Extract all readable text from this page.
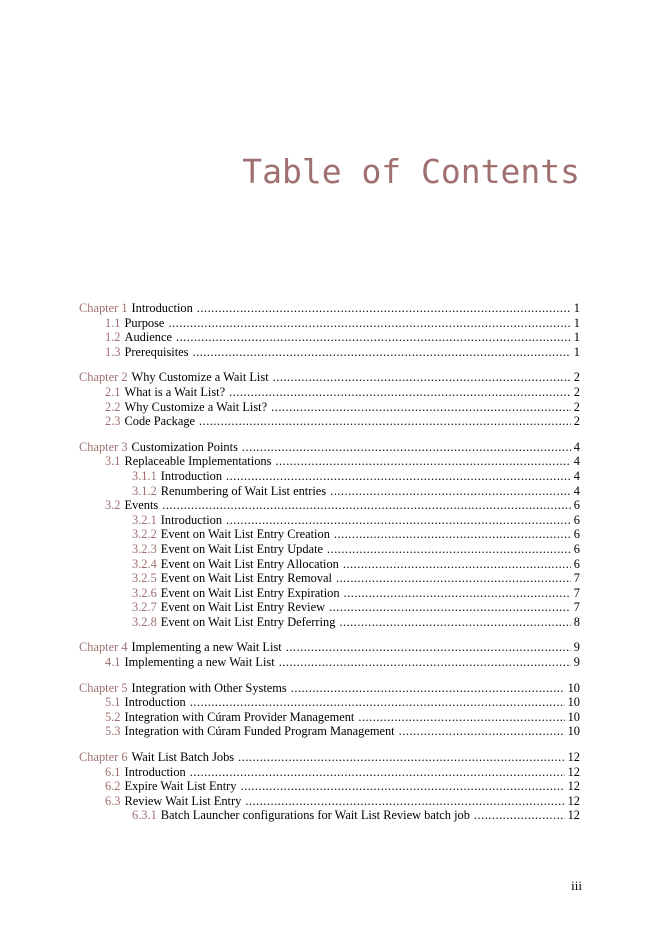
Table of Contents
Chapter 1 Introduction . . .	1
1.1 Purpose . . .	1
1.2 Audience . . .	1
1.3 Prerequisites . . .	1
Chapter 2 Why Customize a Wait List . . .	2
2.1 What is a Wait List? . . .	2
2.2 Why Customize a Wait List? . . .	2
2.3 Code Package . . .	2
Chapter 3 Customization Points . . .	4
3.1 Replaceable Implementations . . .	4
3.1.1 Introduction . . .	4
3.1.2 Renumbering of Wait List entries . . .	4
3.2 Events . . .	6
3.2.1 Introduction . . .	6
3.2.2 Event on Wait List Entry Creation . . .	6
3.2.3 Event on Wait List Entry Update . . .	6
3.2.4 Event on Wait List Entry Allocation . . .	6
3.2.5 Event on Wait List Entry Removal . . .	7
3.2.6 Event on Wait List Entry Expiration . . .	7
3.2.7 Event on Wait List Entry Review . . .	7
3.2.8 Event on Wait List Entry Deferring . . .	8
Chapter 4 Implementing a new Wait List . . .	9
4.1 Implementing a new Wait List . . .	9
Chapter 5 Integration with Other Systems . . .	10
5.1 Introduction . . .	10
5.2 Integration with Cúram Provider Management . . .	10
5.3 Integration with Cúram Funded Program Management . . .	10
Chapter 6 Wait List Batch Jobs . . .	12
6.1 Introduction . . .	12
6.2 Expire Wait List Entry . . .	12
6.3 Review Wait List Entry . . .	12
6.3.1 Batch Launcher configurations for Wait List Review batch job . . .	12
iii
